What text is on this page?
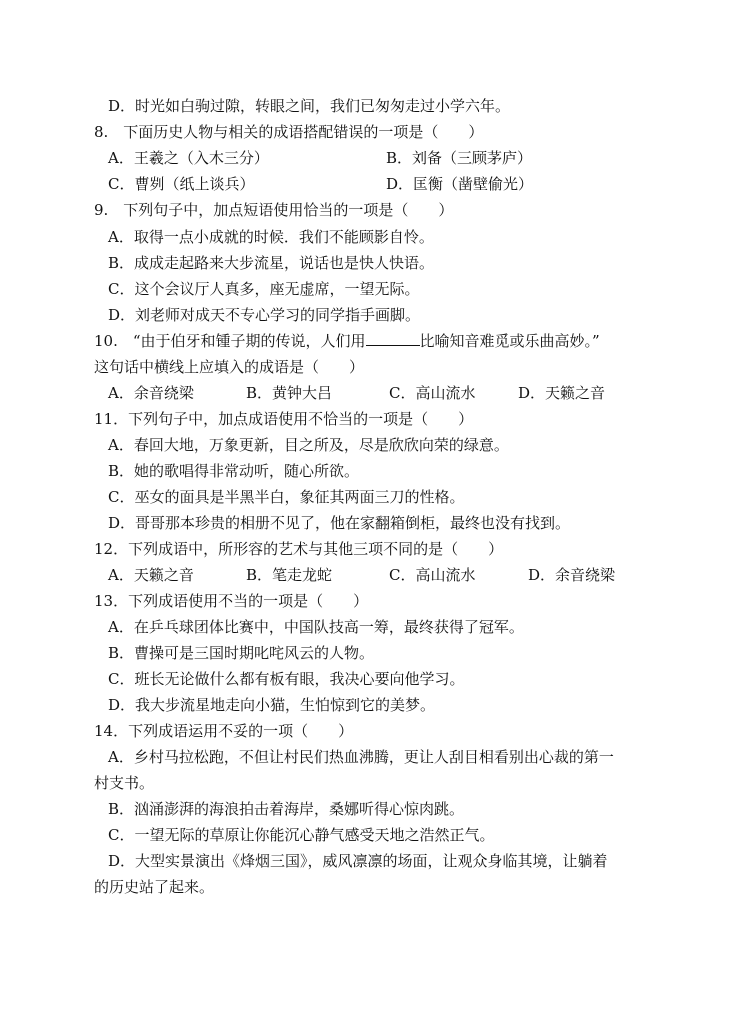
D．时光如白驹过隙，转眼之间，我们已匆匆走过小学六年。
8.　下面历史人物与相关的成语搭配错误的一项是（　　）
A．王羲之（入木三分）	B．刘备（三顾茅庐）
C．曹刿（纸上谈兵）	D．匡衡（凿壁偷光）
9.　下列句子中，加点短语使用恰当的一项是（　　）
A．取得一点小成就的时候．我们不能顾影自怜。
B．成成走起路来大步流星，说话也是快人快语。
C．这个会议厅人真多，座无虚席，一望无际。
D．刘老师对成天不专心学习的同学指手画脚。
10.　“由于伯牙和锺子期的传说，人们用	比喻知音难觅或乐曲高妙。”
这句话中横线上应填入的成语是（　　）
A．余音绕梁	B．黄钟大吕	C．高山流水	D．天籁之音
11．下列句子中，加点成语使用不恰当的一项是（　　）
A．春回大地，万象更新，目之所及，尽是欣欣向荣的绿意。
B．她的歌唱得非常动听，随心所欲。
C．巫女的面具是半黑半白，象征其两面三刀的性格。
D．哥哥那本珍贵的相册不见了，他在家翻箱倒柜，最终也没有找到。
12．下列成语中，所形容的艺术与其他三项不同的是（　　）
A．天籁之音	B．笔走龙蛇	C．高山流水	D．余音绕梁
13．下列成语使用不当的一项是（　　）
A．在乒乓球团体比赛中，中国队技高一筹，最终获得了冠军。
B．曹操可是三国时期叱咤风云的人物。
C．班长无论做什么都有板有眼，我决心要向他学习。
D．我大步流星地走向小猫，生怕惊到它的美梦。
14．下列成语运用不妥的一项（　　）
A．乡村马拉松跑，不但让村民们热血沸腾，更让人刮目相看别出心裁的第一
村支书。
B．汹涌澎湃的海浪拍击着海岸，桑娜听得心惊肉跳。
C．一望无际的草原让你能沉心静气感受天地之浩然正气。
D．大型实景演出《烽烟三国》，威风凛凛的场面，让观众身临其境，让躺着
的历史站了起来。
